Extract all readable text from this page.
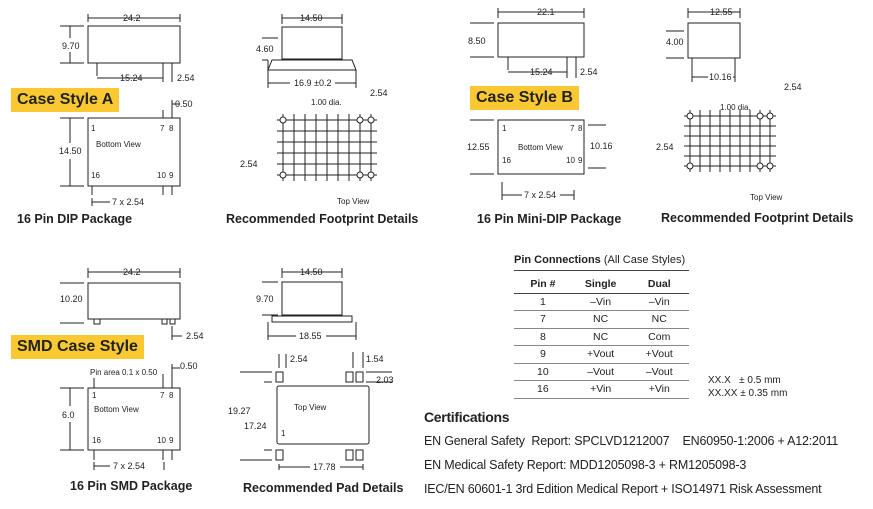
24.2
9.70
15.24	2.54
0.50
14.50
Bottom View
1	7 8
16	10 9
7 x 2.54
14.50
4.60
16.9 ±0.2
2.54
1.00 dia.
2.54
Top View
22.1
8.50
15.24	2.54
12.55	10.16
Bottom View
1	7 8
16	10 9
7 x 2.54
12.55
4.00
10.16
2.54
1.00 dia.
2.54
Top View
24.2
10.20
2.54
Pin area 0.1 x 0.50
0.50
6.0
Bottom View
1	7 8
16	10 9
7 x 2.54
14.50
9.70
18.55
2.54	1.54
2.03
19.27
17.24
17.78
Top View
1
Case Style A
16 Pin DIP Package	Recommended Footprint Details
Case Style B
16 Pin Mini-DIP Package	Recommended Footprint Details
SMD Case Style
16 Pin SMD Package	Recommended Pad Details
Pin Connections (All Case Styles)
Pin #	Single	Dual
1	–Vin	–Vin
7	NC	NC
8	NC	Com
9	+Vout	+Vout
10	–Vout	–Vout
16	+Vin	+Vin
XX.X   ± 0.5 mm
XX.XX ± 0.35 mm
Certifications
EN General Safety  Report: SPCLVD1212007    EN60950-1:2006 + A12:2011
EN Medical Safety Report: MDD1205098-3 + RM1205098-3
IEC/EN 60601-1 3rd Edition Medical Report + ISO14971 Risk Assessment
